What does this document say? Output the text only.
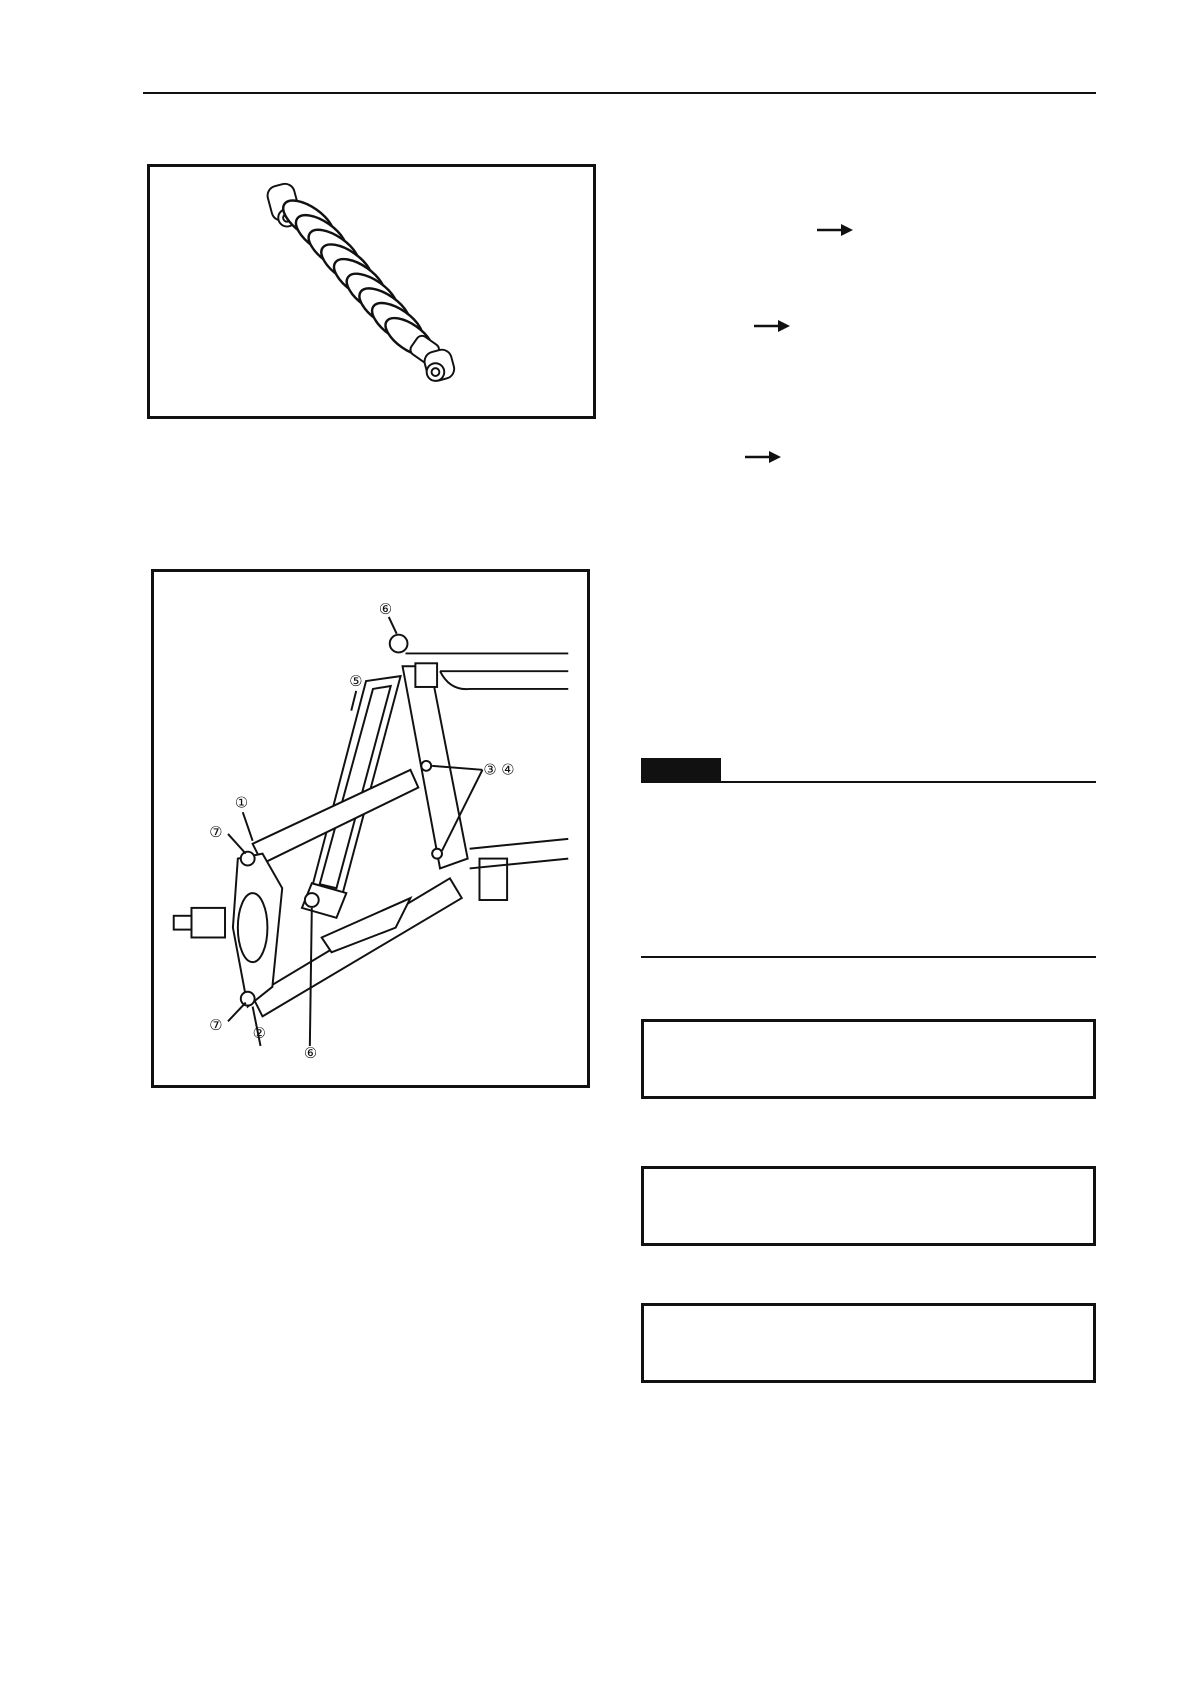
①
②
③ ④
⑤
⑥
⑥
⑦
⑦
